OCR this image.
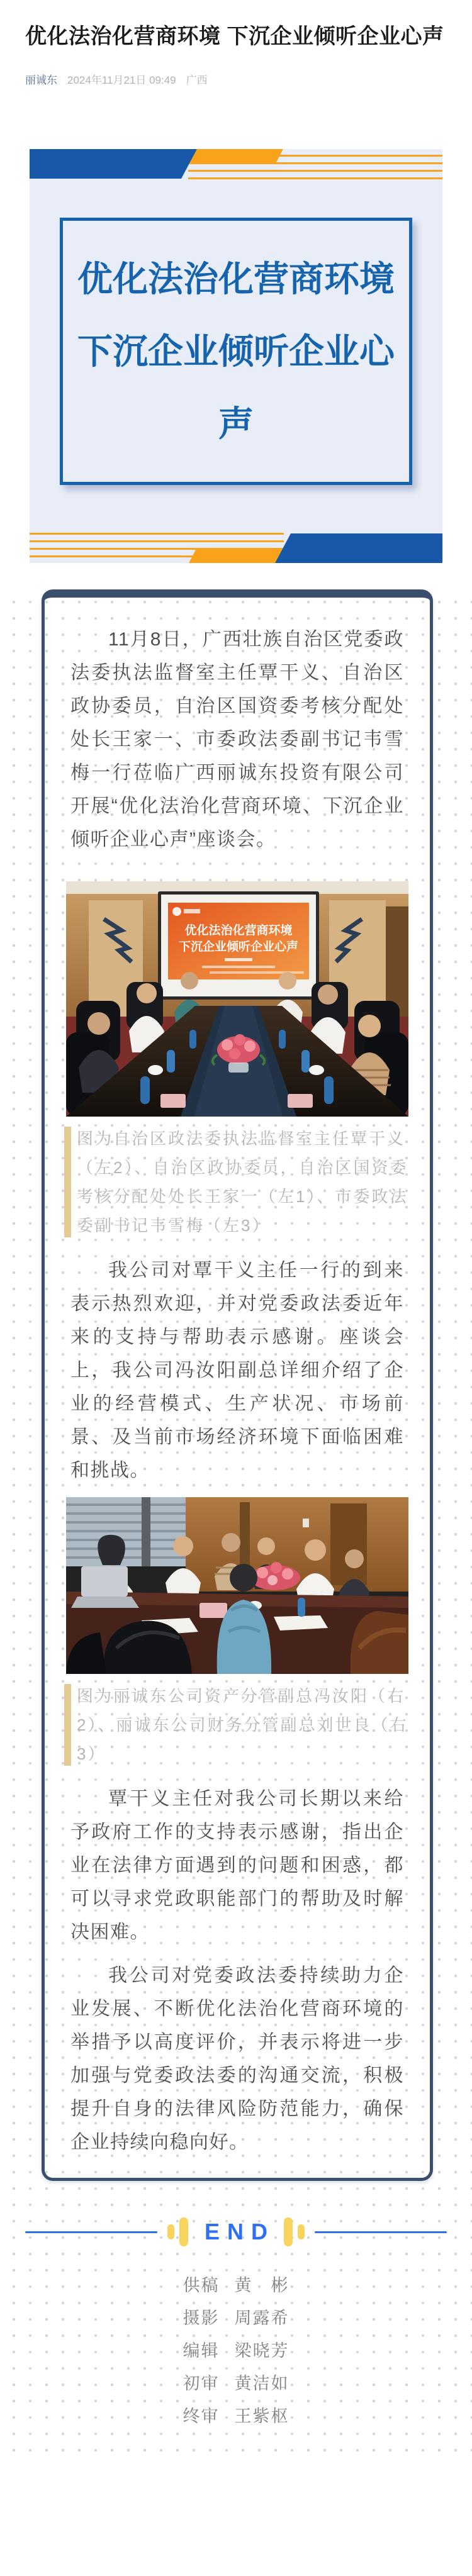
优化法治化营商环境 下沉企业倾听企业心声
丽诚东 2024年11月21日 09:49 广西
优化法治化营商环境 下沉企业倾听企业心声

11月8日，广西壮族自治区党委政法委执法监督室主任覃干义、自治区政协委员，自治区国资委考核分配处处长王家一、市委政法委副书记韦雪梅一行莅临广西丽诚东投资有限公司开展“优化法治化营商环境、下沉企业倾听企业心声”座谈会。

优化法治化营商环境
下沉企业倾听企业心声
图为自治区政法委执法监督室主任覃干义（左2）、自治区政协委员，自治区国资委考核分配处处长王家一（左1）、市委政法委副书记韦雪梅（左3）

我公司对覃干义主任一行的到来表示热烈欢迎，并对党委政法委近年来的支持与帮助表示感谢。座谈会上，我公司冯汝阳副总详细介绍了企业的经营模式、生产状况、市场前景、及当前市场经济环境下面临困难和挑战。

图为丽诚东公司资产分管副总冯汝阳（右2）、丽诚东公司财务分管副总刘世良（右3）

覃干义主任对我公司长期以来给予政府工作的支持表示感谢，指出企业在法律方面遇到的问题和困惑，都可以寻求党政职能部门的帮助及时解决困难。

我公司对党委政法委持续助力企业发展、不断优化法治化营商环境的举措予以高度评价，并表示将进一步加强与党委政法委的沟通交流，积极提升自身的法律风险防范能力，确保企业持续向稳向好。

END
供稿 黄　彬
摄影 周露希
编辑 梁晓芳
初审 黄洁如
终审 王紫枢
